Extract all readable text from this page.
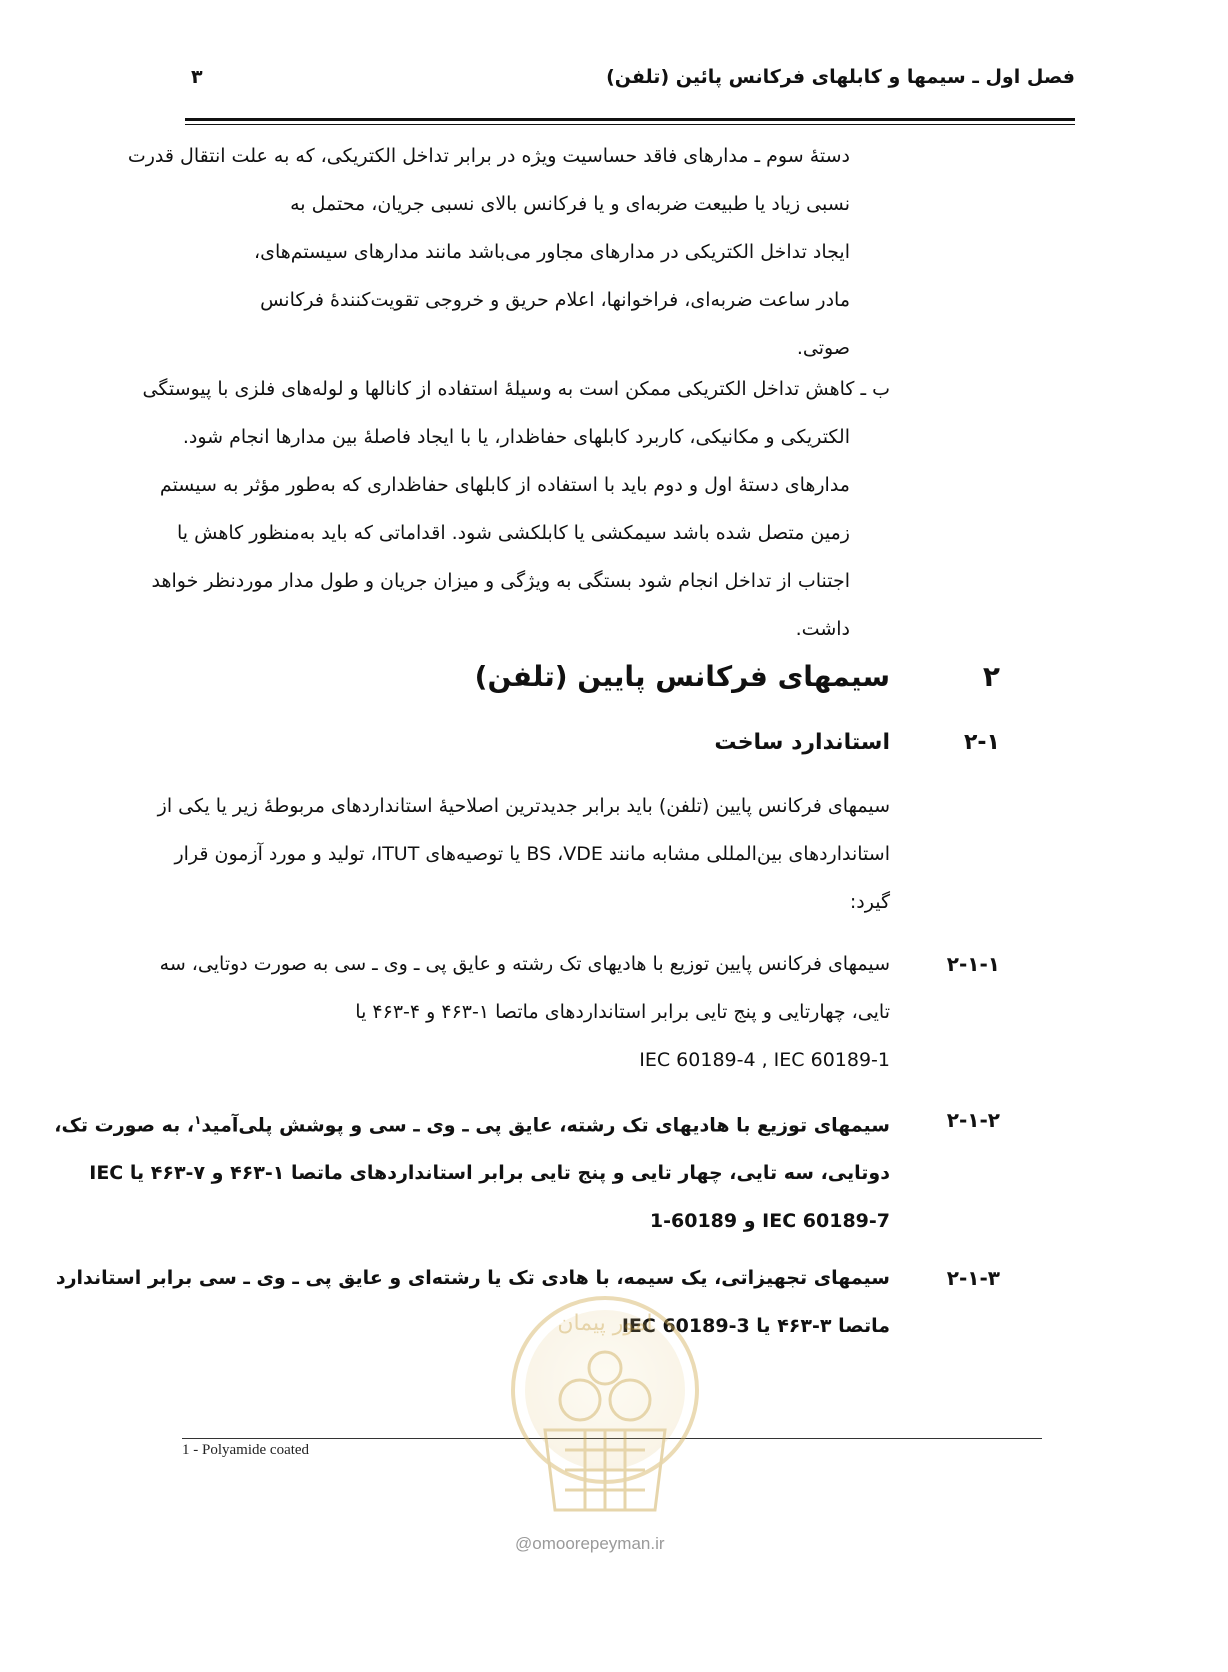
فصل اول ـ سیمها و کابلهای فرکانس پائین (تلفن)
۳
دستهٔ سوم ـ مدارهای فاقد حساسیت ویژه در برابر تداخل الکتریکی، که به علت انتقال قدرت
نسبی زیاد یا طبیعت ضربه‌ای و یا فرکانس بالای نسبی جریان، محتمل به
ایجاد تداخل الکتریکی در مدارهای مجاور می‌باشد مانند مدارهای سیستم‌های،
مادر ساعت ضربه‌ای، فراخوانها، اعلام حریق و خروجی تقویت‌کنندهٔ فرکانس
صوتی.
ب ـ کاهش تداخل الکتریکی ممکن است به وسیلهٔ استفاده از کانالها و لوله‌های فلزی با پیوستگی
الکتریکی و مکانیکی، کاربرد کابلهای حفاظدار، یا با ایجاد فاصلهٔ بین مدارها انجام شود.
مدارهای دستهٔ اول و دوم باید با استفاده از کابلهای حفاظداری که به‌طور مؤثر به سیستم
زمین متصل شده باشد سیمکشی یا کابلکشی شود. اقداماتی که باید به‌منظور کاهش یا
اجتناب از تداخل انجام شود بستگی به ویژگی و میزان جریان و طول مدار موردنظر خواهد
داشت.
۲
سیمهای فرکانس پایین (تلفن)
۲-۱
استاندارد ساخت
سیمهای فرکانس پایین (تلفن) باید برابر جدیدترین اصلاحیهٔ استانداردهای مربوطهٔ زیر یا یکی از
استانداردهای بین‌المللی مشابه مانند BS ،VDE یا توصیه‌های ITUT، تولید و مورد آزمون قرار
گیرد:
۲-۱-۱
سیمهای فرکانس پایین توزیع با هادیهای تک رشته و عایق پی ـ وی ـ سی به صورت دوتایی، سه
تایی، چهارتایی و پنج تایی برابر استانداردهای ماتصا ۱-۴۶۳ و ۴-۴۶۳ یا
IEC 60189-4 , IEC 60189-1
۲-۱-۲
سیمهای توزیع با هادیهای تک رشته، عایق پی ـ وی ـ سی و پوشش پلی‌آمید$^۱$، به صورت تک،
دوتایی، سه تایی، چهار تایی و پنج تایی برابر استانداردهای ماتصا ۱-۴۶۳ و ۷-۴۶۳ یا IEC
IEC 60189-7 و 60189-1
۲-۱-۳
سیمهای تجهیزاتی، یک سیمه، با هادی تک یا رشته‌ای و عایق پی ـ وی ـ سی برابر استاندارد
ماتصا ۳-۴۶۳ یا IEC 60189-3
1 - Polyamide coated
امور پیمان
@omoorepeyman.ir
